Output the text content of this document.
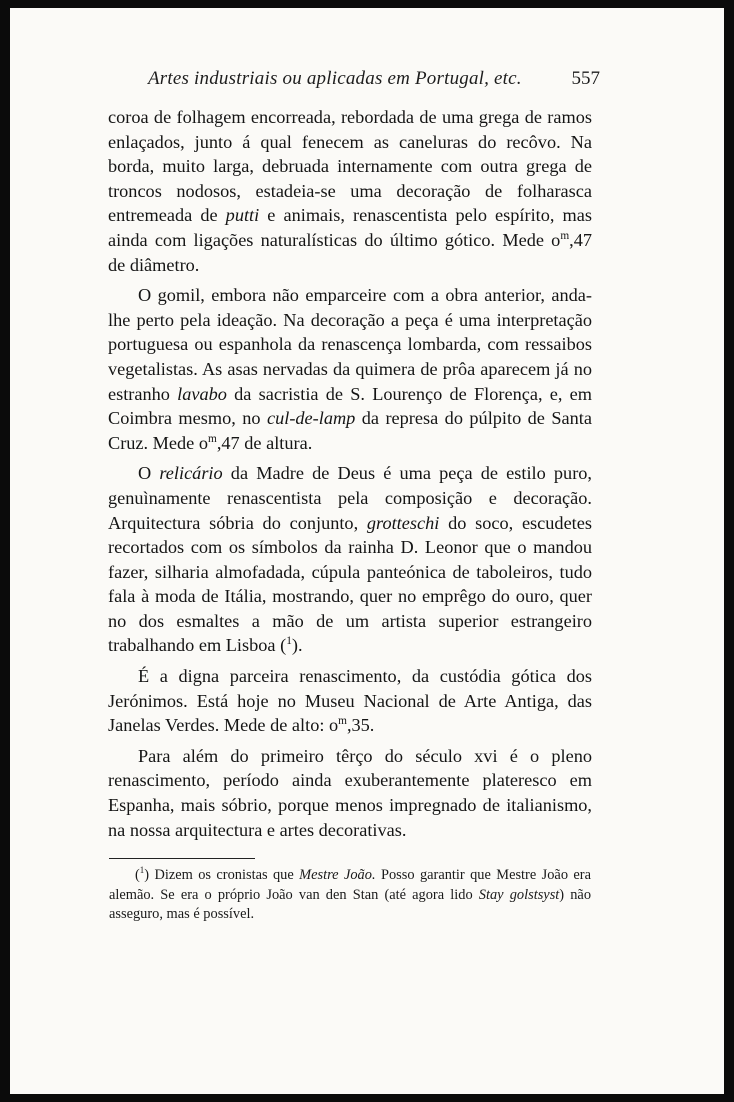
Artes industriais ou aplicadas em Portugal, etc.	557

coroa de folhagem encorreada, rebordada de uma grega de ramos enlaçados, junto á qual fenecem as caneluras do recôvo. Na borda, muito larga, debruada internamente com outra grega de troncos nodosos, estadeia-se uma decoração de folharasca entremeada de putti e animais, renascentista pelo espírito, mas ainda com ligações naturalísticas do último gótico. Mede $o^m,47$ de diâmetro.

O gomil, embora não emparceire com a obra anterior, anda-lhe perto pela ideação. Na decoração a peça é uma interpretação portuguesa ou espanhola da renascença lombarda, com ressaibos vegetalistas. As asas nervadas da quimera de prôa aparecem já no estranho lavabo da sacristia de S. Lourenço de Florença, e, em Coimbra mesmo, no cul-de-lamp da represa do púlpito de Santa Cruz. Mede $o^m,47$ de altura.

O relicário da Madre de Deus é uma peça de estilo puro, genuìnamente renascentista pela composição e decoração. Arquitectura sóbria do conjunto, grotteschi do soco, escudetes recortados com os símbolos da rainha D. Leonor que o mandou fazer, silharia almofadada, cúpula panteónica de taboleiros, tudo fala à moda de Itália, mostrando, quer no emprêgo do ouro, quer no dos esmaltes a mão de um artista superior estrangeiro trabalhando em Lisboa ($^1$).

É a digna parceira renascimento, da custódia gótica dos Jerónimos. Está hoje no Museu Nacional de Arte Antiga, das Janelas Verdes. Mede de alto: $o^m,35$.

Para além do primeiro têrço do século xvi é o pleno renascimento, período ainda exuberantemente plateresco em Espanha, mais sóbrio, porque menos impregnado de italianismo, na nossa arquitectura e artes decorativas.

($^1$) Dizem os cronistas que Mestre João. Posso garantir que Mestre João era alemão. Se era o próprio João van den Stan (até agora lido Stay golstsyst) não asseguro, mas é possível.
